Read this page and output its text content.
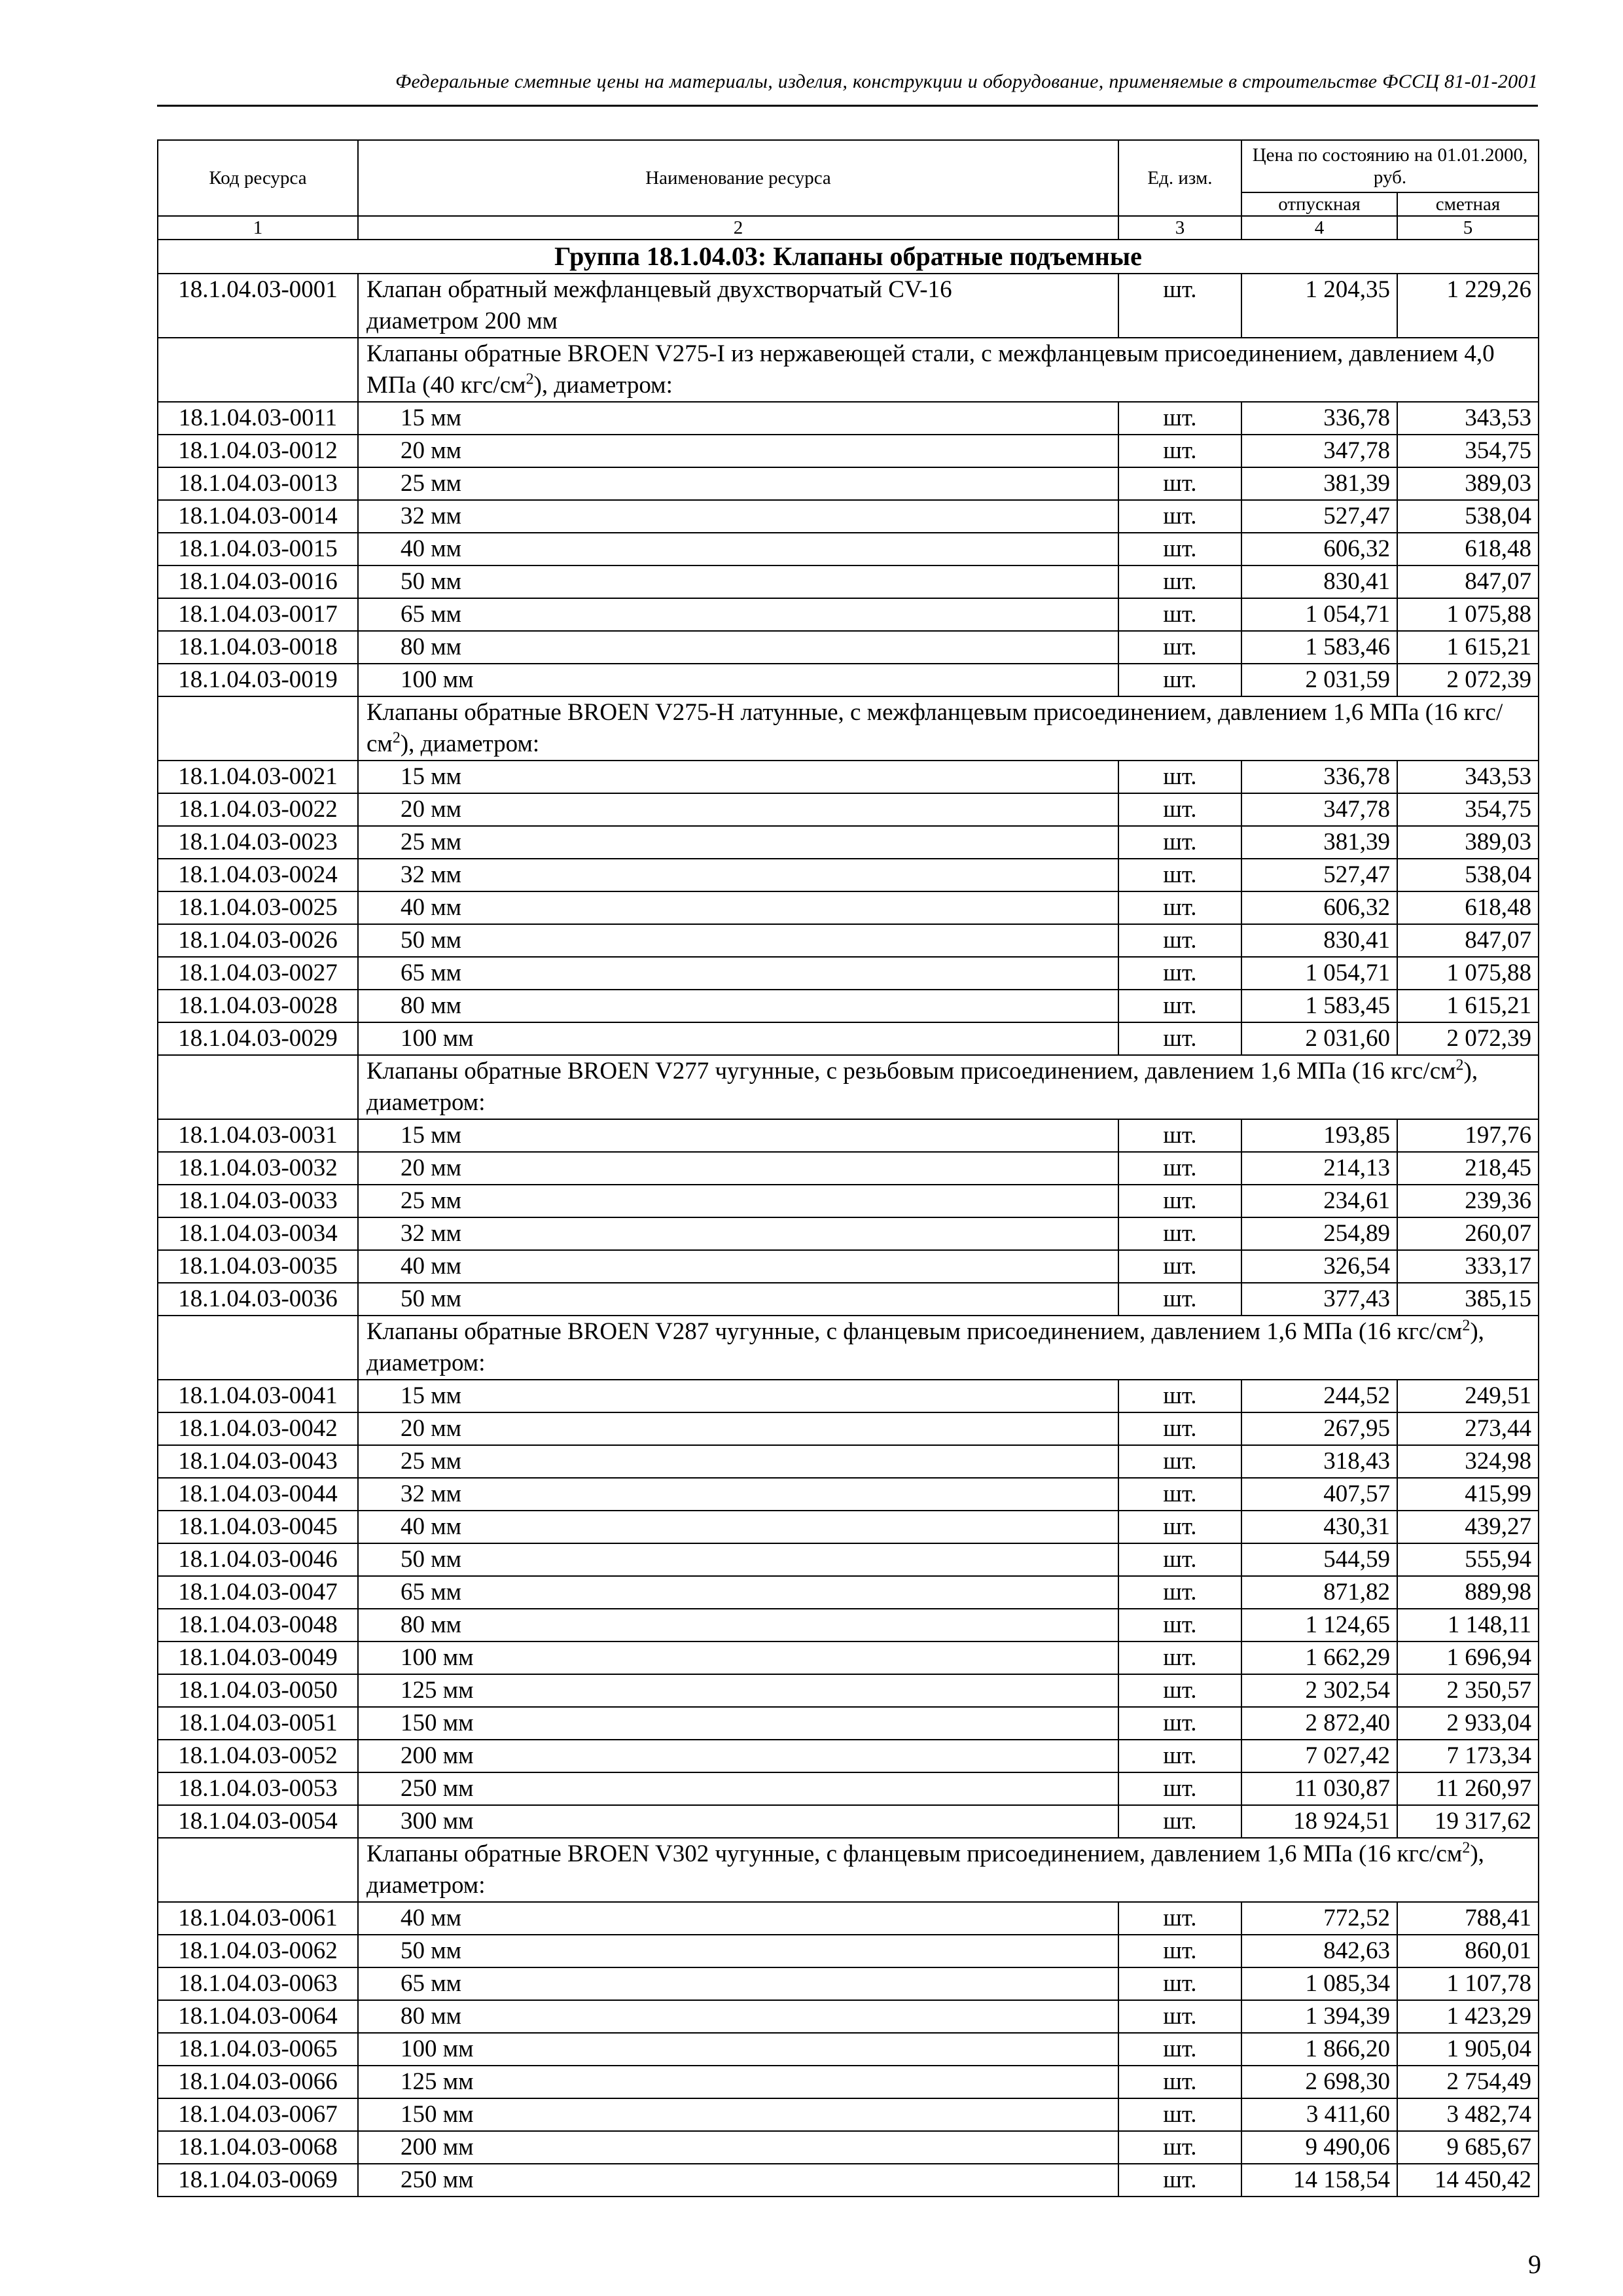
Федеральные сметные цены на материалы, изделия, конструкции и оборудование, применяемые в строительстве ФССЦ 81-01-2001
Код ресурса	Наименование ресурса	Ед. изм.	Цена по состоянию на 01.01.2000, руб.	
			отпускная	сметная
1	2	3	4	5
Группа 18.1.04.03: Клапаны обратные подъемные				
18.1.04.03-0001	Клапан обратный межфланцевый двухстворчатый CV-16 диаметром 200 мм	шт.	1 204,35	1 229,26
	Клапаны обратные BROEN V275-I из нержавеющей стали, с межфланцевым присоединением, давлением 4,0 МПа (40 кгс/$см^2$), диаметром:			
18.1.04.03-0011	15 мм	шт.	336,78	343,53
18.1.04.03-0012	20 мм	шт.	347,78	354,75
18.1.04.03-0013	25 мм	шт.	381,39	389,03
18.1.04.03-0014	32 мм	шт.	527,47	538,04
18.1.04.03-0015	40 мм	шт.	606,32	618,48
18.1.04.03-0016	50 мм	шт.	830,41	847,07
18.1.04.03-0017	65 мм	шт.	1 054,71	1 075,88
18.1.04.03-0018	80 мм	шт.	1 583,46	1 615,21
18.1.04.03-0019	100 мм	шт.	2 031,59	2 072,39
	Клапаны обратные BROEN V275-H латунные, с межфланцевым присоединением, давлением 1,6 МПа (16 кгс/$см^2$), диаметром:			
18.1.04.03-0021	15 мм	шт.	336,78	343,53
18.1.04.03-0022	20 мм	шт.	347,78	354,75
18.1.04.03-0023	25 мм	шт.	381,39	389,03
18.1.04.03-0024	32 мм	шт.	527,47	538,04
18.1.04.03-0025	40 мм	шт.	606,32	618,48
18.1.04.03-0026	50 мм	шт.	830,41	847,07
18.1.04.03-0027	65 мм	шт.	1 054,71	1 075,88
18.1.04.03-0028	80 мм	шт.	1 583,45	1 615,21
18.1.04.03-0029	100 мм	шт.	2 031,60	2 072,39
	Клапаны обратные BROEN V277 чугунные, с резьбовым присоединением, давлением 1,6 МПа (16 кгс/$см^2$), диаметром:			
18.1.04.03-0031	15 мм	шт.	193,85	197,76
18.1.04.03-0032	20 мм	шт.	214,13	218,45
18.1.04.03-0033	25 мм	шт.	234,61	239,36
18.1.04.03-0034	32 мм	шт.	254,89	260,07
18.1.04.03-0035	40 мм	шт.	326,54	333,17
18.1.04.03-0036	50 мм	шт.	377,43	385,15
	Клапаны обратные BROEN V287 чугунные, с фланцевым присоединением, давлением 1,6 МПа (16 кгс/$см^2$), диаметром:			
18.1.04.03-0041	15 мм	шт.	244,52	249,51
18.1.04.03-0042	20 мм	шт.	267,95	273,44
18.1.04.03-0043	25 мм	шт.	318,43	324,98
18.1.04.03-0044	32 мм	шт.	407,57	415,99
18.1.04.03-0045	40 мм	шт.	430,31	439,27
18.1.04.03-0046	50 мм	шт.	544,59	555,94
18.1.04.03-0047	65 мм	шт.	871,82	889,98
18.1.04.03-0048	80 мм	шт.	1 124,65	1 148,11
18.1.04.03-0049	100 мм	шт.	1 662,29	1 696,94
18.1.04.03-0050	125 мм	шт.	2 302,54	2 350,57
18.1.04.03-0051	150 мм	шт.	2 872,40	2 933,04
18.1.04.03-0052	200 мм	шт.	7 027,42	7 173,34
18.1.04.03-0053	250 мм	шт.	11 030,87	11 260,97
18.1.04.03-0054	300 мм	шт.	18 924,51	19 317,62
	Клапаны обратные BROEN V302 чугунные, с фланцевым присоединением, давлением 1,6 МПа (16 кгс/$см^2$), диаметром:			
18.1.04.03-0061	40 мм	шт.	772,52	788,41
18.1.04.03-0062	50 мм	шт.	842,63	860,01
18.1.04.03-0063	65 мм	шт.	1 085,34	1 107,78
18.1.04.03-0064	80 мм	шт.	1 394,39	1 423,29
18.1.04.03-0065	100 мм	шт.	1 866,20	1 905,04
18.1.04.03-0066	125 мм	шт.	2 698,30	2 754,49
18.1.04.03-0067	150 мм	шт.	3 411,60	3 482,74
18.1.04.03-0068	200 мм	шт.	9 490,06	9 685,67
18.1.04.03-0069	250 мм	шт.	14 158,54	14 450,42
9
